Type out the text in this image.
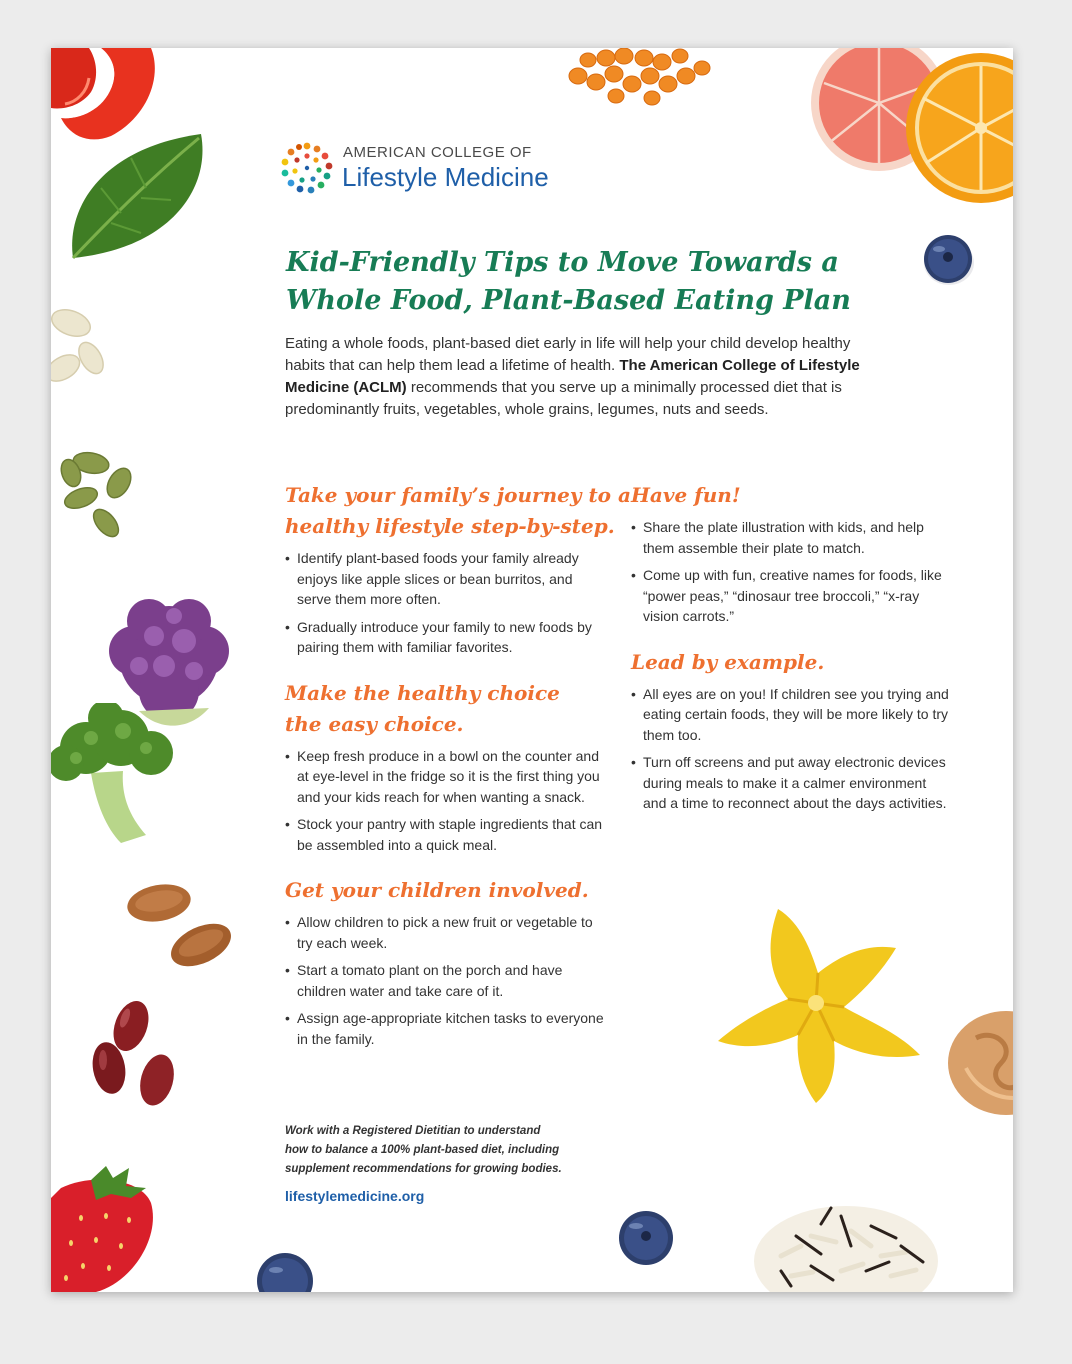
AMERICAN COLLEGE OF
Lifestyle Medicine
Kid-Friendly Tips to Move Towards a
Whole Food, Plant-Based Eating Plan

Eating a whole foods, plant-based diet early in life will help your child develop healthy habits that can help them lead a lifetime of health. The American College of Lifestyle Medicine (ACLM) recommends that you serve up a minimally processed diet that is predominantly fruits, vegetables, whole grains, legumes, nuts and seeds.

Take your family’s journey to a
healthy lifestyle step-by-step.
• Identify plant-based foods your family already enjoys like apple slices or bean burritos, and serve them more often.
• Gradually introduce your family to new foods by pairing them with familiar favorites.
Make the healthy choice
the easy choice.
• Keep fresh produce in a bowl on the counter and at eye-level in the fridge so it is the first thing you and your kids reach for when wanting a snack.
• Stock your pantry with staple ingredients that can be assembled into a quick meal.
Get your children involved.
• Allow children to pick a new fruit or vegetable to try each week.
• Start a tomato plant on the porch and have children water and take care of it.
• Assign age-appropriate kitchen tasks to everyone in the family.
Have fun!
• Share the plate illustration with kids, and help them assemble their plate to match.
• Come up with fun, creative names for foods, like “power peas,” “dinosaur tree broccoli,” “x-ray vision carrots.”
Lead by example.
• All eyes are on you! If children see you trying and eating certain foods, they will be more likely to try them too.
• Turn off screens and put away electronic devices during meals to make it a calmer environment and a time to reconnect about the days activities.

Work with a Registered Dietitian to understand
how to balance a 100% plant-based diet, including
supplement recommendations for growing bodies.

lifestylemedicine.org
